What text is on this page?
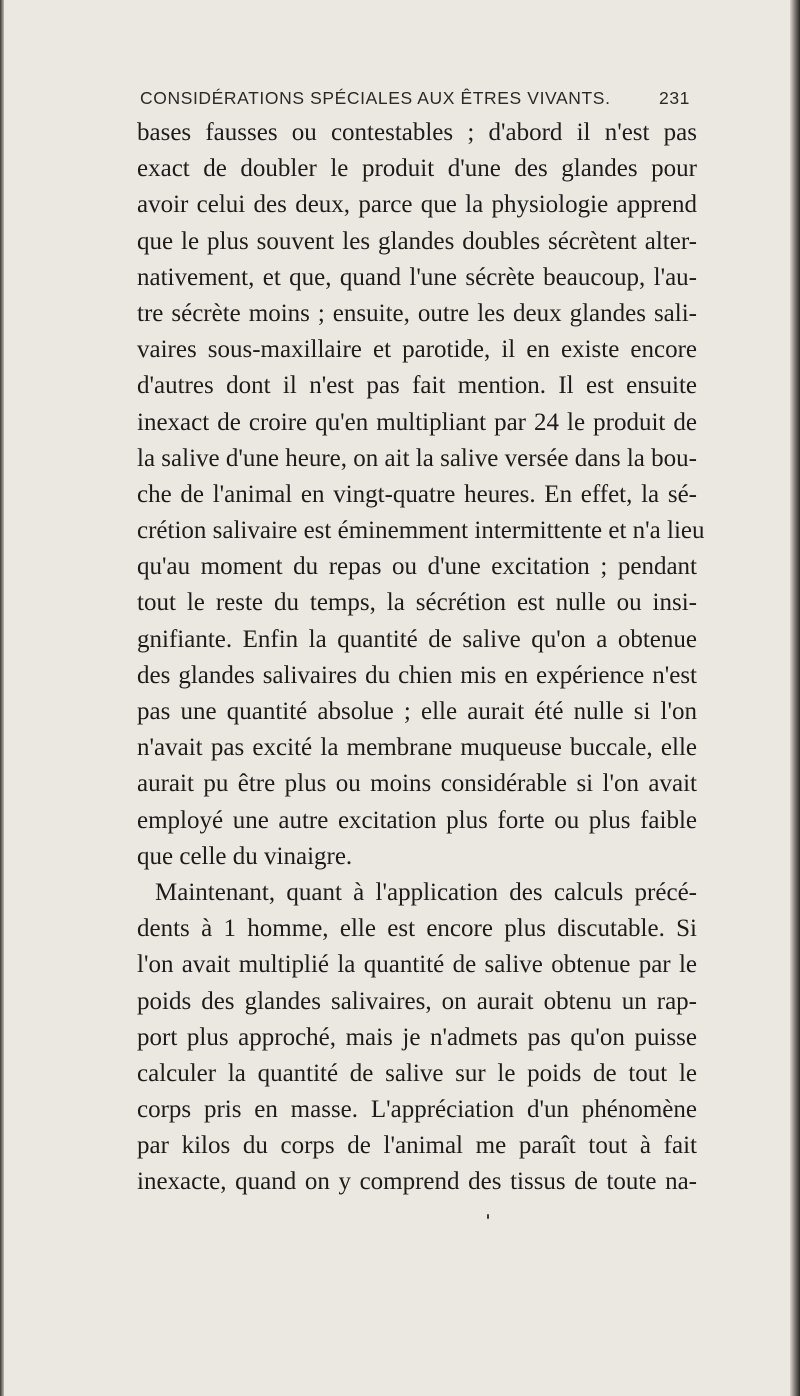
CONSIDÉRATIONS SPÉCIALES AUX ÊTRES VIVANTS.	231
bases fausses ou contestables ; d'abord il n'est pas
exact de doubler le produit d'une des glandes pour
avoir celui des deux, parce que la physiologie apprend
que le plus souvent les glandes doubles sécrètent alter-
nativement, et que, quand l'une sécrète beaucoup, l'au-
tre sécrète moins ; ensuite, outre les deux glandes sali-
vaires sous-maxillaire et parotide, il en existe encore
d'autres dont il n'est pas fait mention. Il est ensuite
inexact de croire qu'en multipliant par 24 le produit de
la salive d'une heure, on ait la salive versée dans la bou-
che de l'animal en vingt-quatre heures. En effet, la sé-
crétion salivaire est éminemment intermittente et n'a lieu
qu'au moment du repas ou d'une excitation ; pendant
tout le reste du temps, la sécrétion est nulle ou insi-
gnifiante. Enfin la quantité de salive qu'on a obtenue
des glandes salivaires du chien mis en expérience n'est
pas une quantité absolue ; elle aurait été nulle si l'on
n'avait pas excité la membrane muqueuse buccale, elle
aurait pu être plus ou moins considérable si l'on avait
employé une autre excitation plus forte ou plus faible
que celle du vinaigre.
Maintenant, quant à l'application des calculs précé-
dents à 1 homme, elle est encore plus discutable. Si
l'on avait multiplié la quantité de salive obtenue par le
poids des glandes salivaires, on aurait obtenu un rap-
port plus approché, mais je n'admets pas qu'on puisse
calculer la quantité de salive sur le poids de tout le
corps pris en masse. L'appréciation d'un phénomène
par kilos du corps de l'animal me paraît tout à fait
inexacte, quand on y comprend des tissus de toute na-
